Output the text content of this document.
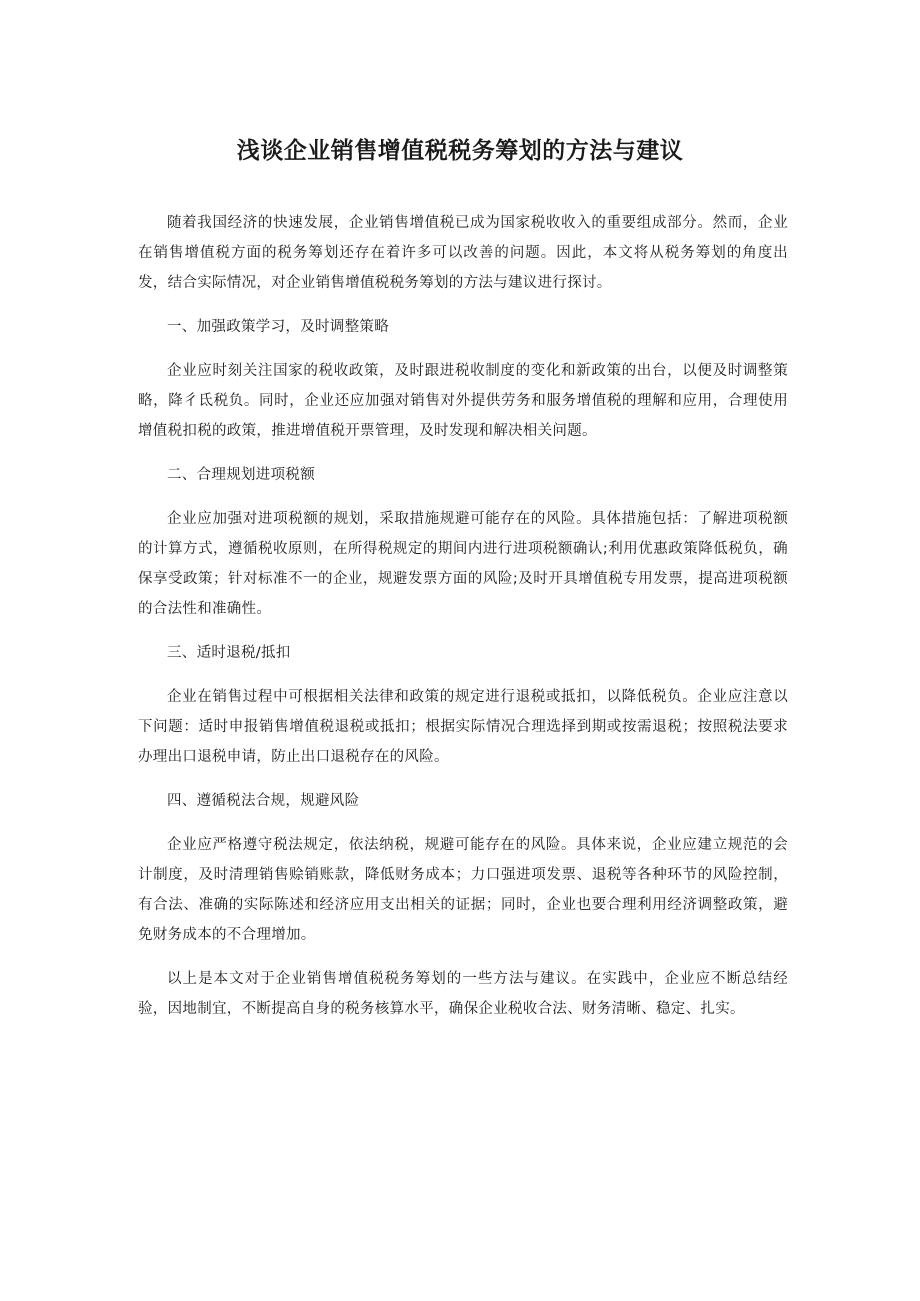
浅谈企业销售增值税税务筹划的方法与建议

随着我国经济的快速发展，企业销售增值税已成为国家税收收入的重要组成部分。然而，企业在销售增值税方面的税务筹划还存在着许多可以改善的问题。因此，本文将从税务筹划的角度出发，结合实际情况，对企业销售增值税税务筹划的方法与建议进行探讨。

一、加强政策学习，及时调整策略

企业应时刻关注国家的税收政策，及时跟进税收制度的变化和新政策的出台，以便及时调整策略，降彳氐税负。同时，企业还应加强对销售对外提供劳务和服务增值税的理解和应用，合理使用增值税扣税的政策，推进增值税开票管理，及时发现和解决相关问题。

二、合理规划进项税额

企业应加强对进项税额的规划，采取措施规避可能存在的风险。具体措施包括：了解进项税额的计算方式，遵循税收原则，在所得税规定的期间内进行进项税额确认;利用优惠政策降低税负，确保享受政策；针对标准不一的企业，规避发票方面的风险;及时开具增值税专用发票，提高进项税额的合法性和准确性。

三、适时退税/抵扣

企业在销售过程中可根据相关法律和政策的规定进行退税或抵扣，以降低税负。企业应注意以下问题：适时申报销售增值税退税或抵扣；根据实际情况合理选择到期或按需退税；按照税法要求办理出口退税申请，防止出口退税存在的风险。

四、遵循税法合规，规避风险

企业应严格遵守税法规定，依法纳税，规避可能存在的风险。具体来说，企业应建立规范的会计制度，及时清理销售赊销账款，降低财务成本；力口强进项发票、退税等各种环节的风险控制，有合法、准确的实际陈述和经济应用支出相关的证据；同时，企业也要合理利用经济调整政策，避免财务成本的不合理增加。

以上是本文对于企业销售增值税税务筹划的一些方法与建议。在实践中，企业应不断总结经验，因地制宜，不断提高自身的税务核算水平，确保企业税收合法、财务清晰、稳定、扎实。
